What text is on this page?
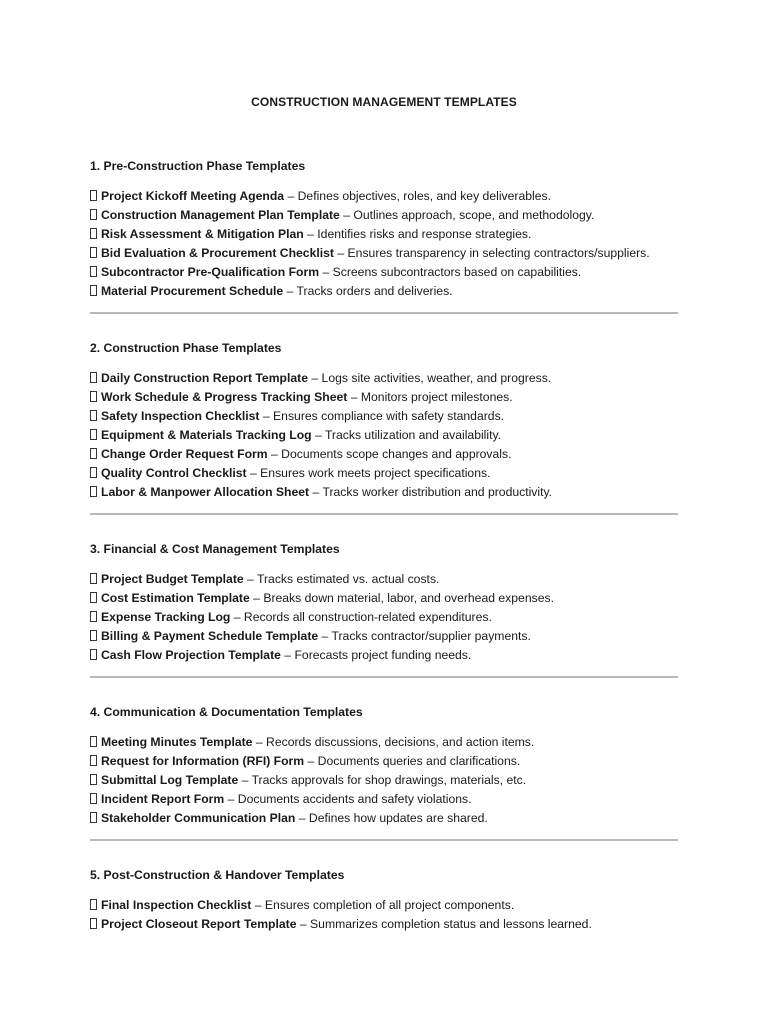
CONSTRUCTION MANAGEMENT TEMPLATES
1. Pre-Construction Phase Templates
Project Kickoff Meeting Agenda – Defines objectives, roles, and key deliverables.
Construction Management Plan Template – Outlines approach, scope, and methodology.
Risk Assessment & Mitigation Plan – Identifies risks and response strategies.
Bid Evaluation & Procurement Checklist – Ensures transparency in selecting contractors/suppliers.
Subcontractor Pre-Qualification Form – Screens subcontractors based on capabilities.
Material Procurement Schedule – Tracks orders and deliveries.
2. Construction Phase Templates
Daily Construction Report Template – Logs site activities, weather, and progress.
Work Schedule & Progress Tracking Sheet – Monitors project milestones.
Safety Inspection Checklist – Ensures compliance with safety standards.
Equipment & Materials Tracking Log – Tracks utilization and availability.
Change Order Request Form – Documents scope changes and approvals.
Quality Control Checklist – Ensures work meets project specifications.
Labor & Manpower Allocation Sheet – Tracks worker distribution and productivity.
3. Financial & Cost Management Templates
Project Budget Template – Tracks estimated vs. actual costs.
Cost Estimation Template – Breaks down material, labor, and overhead expenses.
Expense Tracking Log – Records all construction-related expenditures.
Billing & Payment Schedule Template – Tracks contractor/supplier payments.
Cash Flow Projection Template – Forecasts project funding needs.
4. Communication & Documentation Templates
Meeting Minutes Template – Records discussions, decisions, and action items.
Request for Information (RFI) Form – Documents queries and clarifications.
Submittal Log Template – Tracks approvals for shop drawings, materials, etc.
Incident Report Form – Documents accidents and safety violations.
Stakeholder Communication Plan – Defines how updates are shared.
5. Post-Construction & Handover Templates
Final Inspection Checklist – Ensures completion of all project components.
Project Closeout Report Template – Summarizes completion status and lessons learned.
